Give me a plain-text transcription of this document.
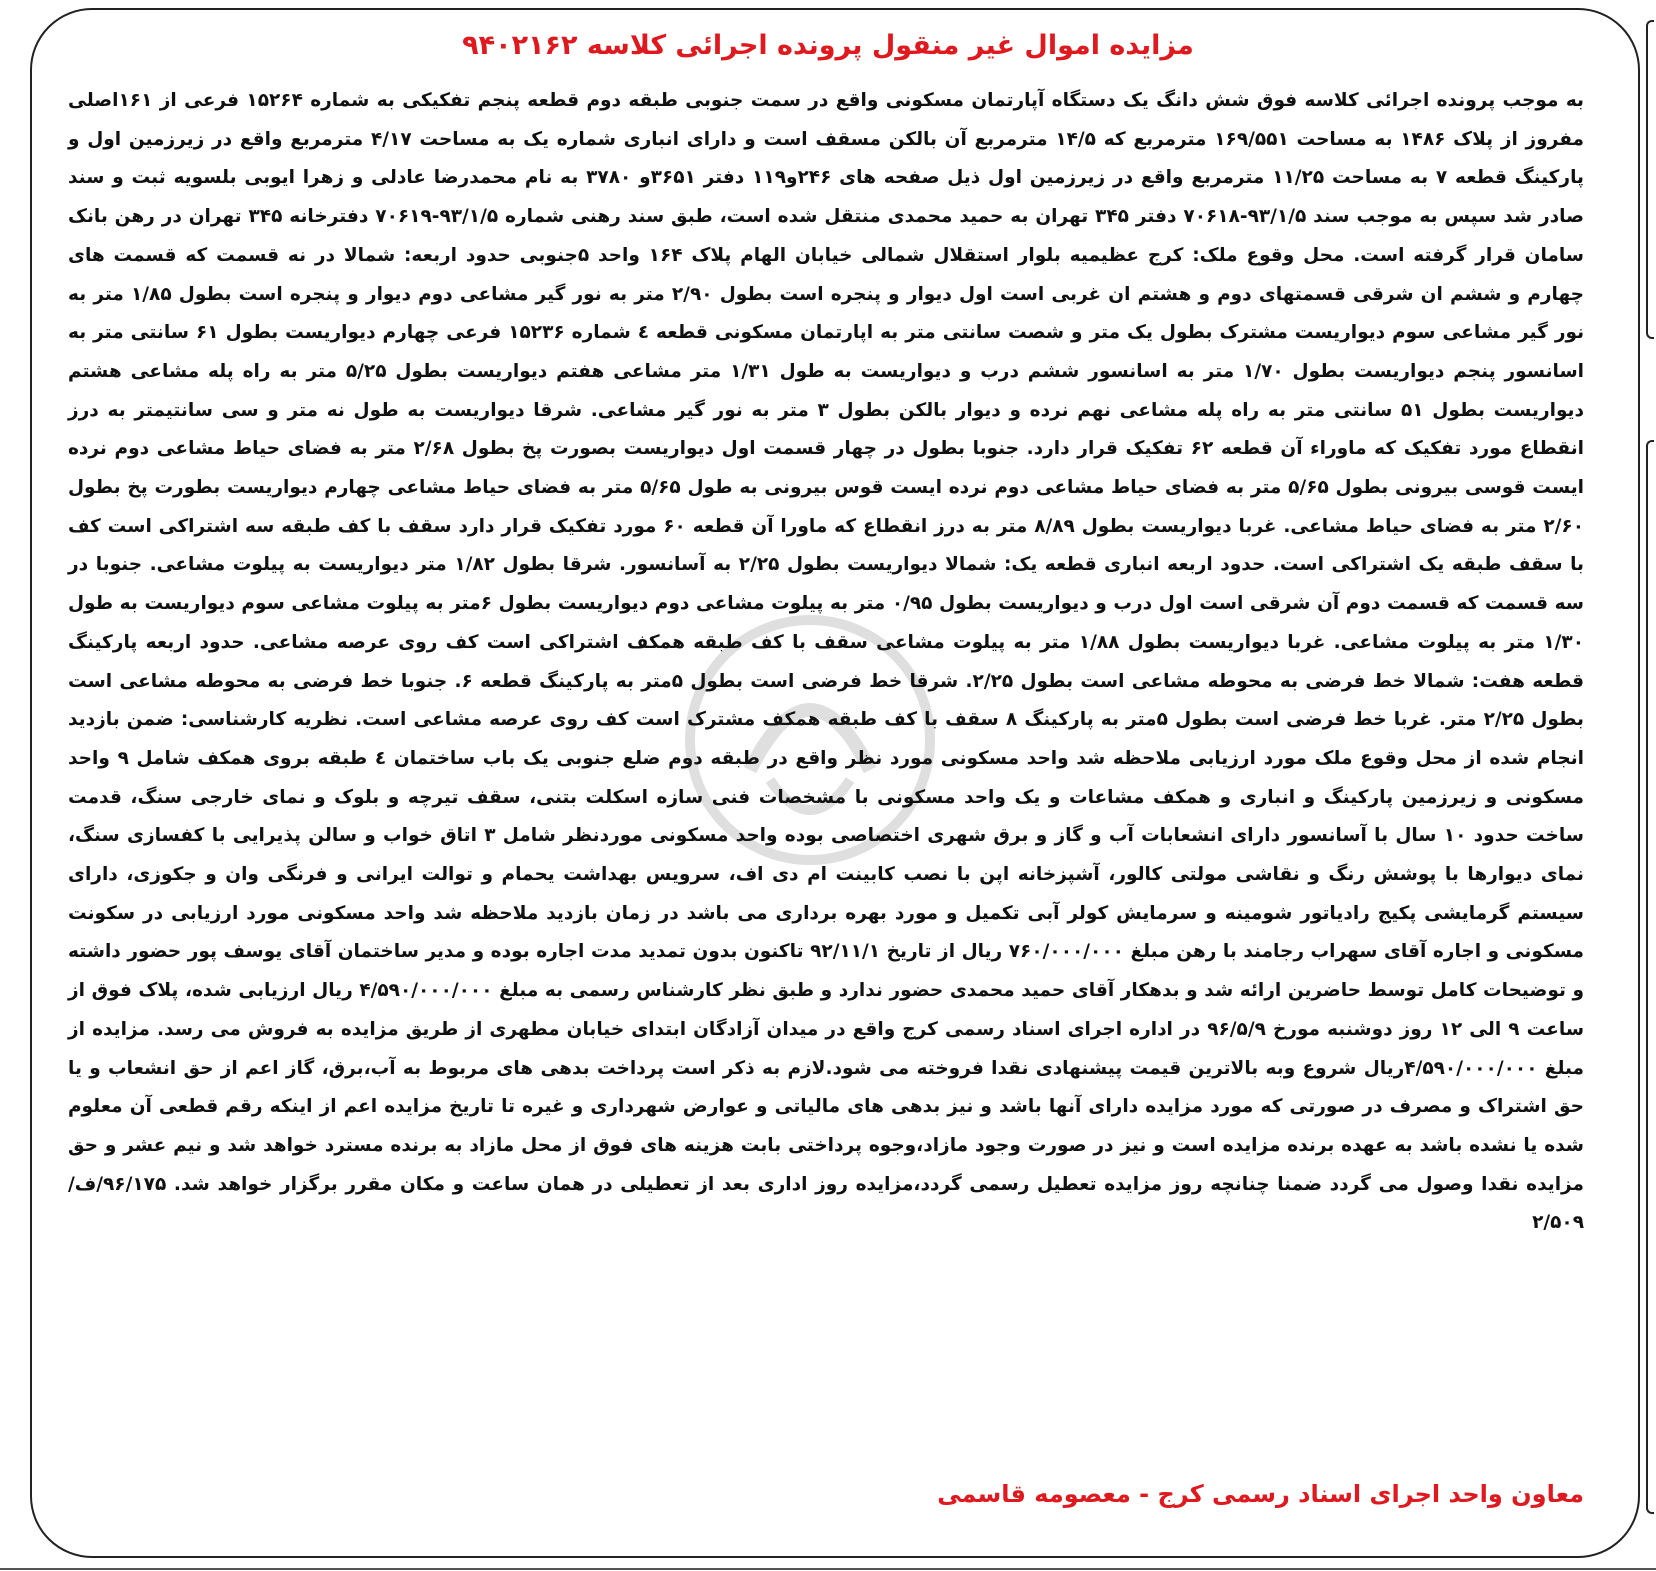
مزایده اموال غیر منقول پرونده اجرائی کلاسه ۹۴۰۲۱۶۲

به موجب پرونده اجرائی کلاسه فوق شش دانگ یک دستگاه آپارتمان مسکونی واقع در سمت جنوبی طبقه دوم قطعه پنجم تفکیکی به شماره ۱۵۲۶۴ فرعی از ۱۶۱اصلی مفروز از پلاک ۱۴۸۶ به مساحت ۱۶۹/۵۵۱ مترمربع که ۱۴/۵ مترمربع آن بالکن مسقف است و دارای انباری شماره یک به مساحت ۴/۱۷ مترمربع واقع در زیرزمین اول و پارکینگ قطعه ۷ به مساحت ۱۱/۲۵ مترمربع واقع در زیرزمین اول ذیل صفحه های ۲۴۶و۱۱۹ دفتر ۳۶۵۱و ۳۷۸۰ به نام محمدرضا عادلی و زهرا ایوبی بلسویه ثبت و سند صادر شد سپس به موجب سند ۹۳/۱/۵-۷۰۶۱۸ دفتر ۳۴۵ تهران به حمید محمدی منتقل شده است، طبق سند رهنی شماره ۹۳/۱/۵-۷۰۶۱۹ دفترخانه ۳۴۵ تهران در رهن بانک سامان قرار گرفته است. محل وقوع ملک: کرج عظیمیه بلوار استقلال شمالی خیابان الهام پلاک ۱۶۴ واحد ۵جنوبی حدود اربعه: شمالا در نه قسمت که قسمت های چهارم و ششم ان شرقی قسمتهای دوم و هشتم ان غربی است اول دیوار و پنجره است بطول ۲/۹۰ متر به نور گیر مشاعی دوم دیوار و پنجره است بطول ۱/۸۵ متر به نور گیر مشاعی سوم دیواریست مشترک بطول یک متر و شصت سانتی متر به اپارتمان مسکونی قطعه ٤ شماره ۱۵۲۳۶ فرعی چهارم دیواریست بطول ۶۱ سانتی متر به اسانسور پنجم دیواریست بطول ۱/۷۰ متر به اسانسور ششم درب و دیواریست به طول ۱/۳۱ متر مشاعی هفتم دیواریست بطول ۵/۲۵ متر به راه پله مشاعی هشتم دیواریست بطول ۵۱ سانتی متر به راه پله مشاعی نهم نرده و دیوار بالکن بطول ۳ متر به نور گیر مشاعی. شرقا دیواریست به طول نه متر و سی سانتیمتر به درز انقطاع مورد تفکیک که ماوراء آن قطعه ۶۲ تفکیک قرار دارد. جنوبا بطول در چهار قسمت اول دیواریست بصورت پخ بطول ۲/۶۸ متر به فضای حیاط مشاعی دوم نرده ایست قوسی بیرونی بطول ۵/۶۵ متر به فضای حیاط مشاعی دوم نرده ایست قوس بیرونی به طول ۵/۶۵ متر به فضای حیاط مشاعی چهارم دیواریست بطورت پخ بطول ۲/۶۰ متر به فضای حیاط مشاعی. غربا دیواریست بطول ۸/۸۹ متر به درز انقطاع که ماورا آن قطعه ۶۰ مورد تفکیک قرار دارد سقف با کف طبقه سه اشتراکی است کف با سقف طبقه یک اشتراکی است. حدود اربعه انباری قطعه یک: شمالا دیواریست بطول ۲/۲۵ به آسانسور. شرقا بطول ۱/۸۲ متر دیواریست به پیلوت مشاعی. جنوبا در سه قسمت که قسمت دوم آن شرقی است اول درب و دیواریست بطول ۰/۹۵ متر به پیلوت مشاعی دوم دیواریست بطول ۶متر به پیلوت مشاعی سوم دیواریست به طول ۱/۳۰ متر به پیلوت مشاعی. غربا دیواریست بطول ۱/۸۸ متر به پیلوت مشاعی سقف با کف طبقه همکف اشتراکی است کف روی عرصه مشاعی. حدود اربعه پارکینگ قطعه هفت: شمالا خط فرضی به محوطه مشاعی است بطول ۲/۲۵. شرقا خط فرضی است بطول ۵متر به پارکینگ قطعه ۶. جنوبا خط فرضی به محوطه مشاعی است بطول ۲/۲۵ متر. غربا خط فرضی است بطول ۵متر به پارکینگ ۸ سقف با کف طبقه همکف مشترک است کف روی عرصه مشاعی است. نظریه کارشناسی: ضمن بازدید انجام شده از محل وقوع ملک مورد ارزیابی ملاحظه شد واحد مسکونی مورد نظر واقع در طبقه دوم ضلع جنوبی یک باب ساختمان ٤ طبقه بروی همکف شامل ۹ واحد مسکونی و زیرزمین پارکینگ و انباری و همکف مشاعات و یک واحد مسکونی با مشخصات فنی سازه اسکلت بتنی، سقف تیرچه و بلوک و نمای خارجی سنگ، قدمت ساخت حدود ۱۰ سال با آسانسور دارای انشعابات آب و گاز و برق شهری اختصاصی بوده واحد مسکونی موردنظر شامل ۳ اتاق خواب و سالن پذیرایی با کفسازی سنگ، نمای دیوارها با پوشش رنگ و نقاشی مولتی کالور، آشپزخانه اپن با نصب کابینت ام دی اف، سرویس بهداشت یحمام و توالت ایرانی و فرنگی وان و جکوزی، دارای سیستم گرمایشی پکیج رادیاتور شومینه و سرمایش کولر آبی تکمیل و مورد بهره برداری می باشد در زمان بازدید ملاحظه شد واحد مسکونی مورد ارزیابی در سکونت مسکونی و اجاره آقای سهراب رجامند با رهن مبلغ ۷۶۰/۰۰۰/۰۰۰ ریال از تاریخ ۹۲/۱۱/۱ تاکنون بدون تمدید مدت اجاره بوده و مدیر ساختمان آقای یوسف پور حضور داشته و توضیحات کامل توسط حاضرین ارائه شد و بدهکار آقای حمید محمدی حضور ندارد و طبق نظر کارشناس رسمی به مبلغ ۴/۵۹۰/۰۰۰/۰۰۰ ریال ارزیابی شده، پلاک فوق از ساعت ۹ الی ۱۲ روز دوشنبه مورخ ۹۶/۵/۹ در اداره اجرای اسناد رسمی کرج واقع در میدان آزادگان ابتدای خیابان مطهری از طریق مزایده به فروش می رسد. مزایده از مبلغ ۴/۵۹۰/۰۰۰/۰۰۰ریال شروع وبه بالاترین قیمت پیشنهادی نقدا فروخته می شود.لازم به ذکر است پرداخت بدهی های مربوط به آب،برق، گاز اعم از حق انشعاب و یا حق اشتراک و مصرف در صورتی که مورد مزایده دارای آنها باشد و نیز بدهی های مالیاتی و عوارض شهرداری و غیره تا تاریخ مزایده اعم از اینکه رقم قطعی آن معلوم شده یا نشده باشد به عهده برنده مزایده است و نیز در صورت وجود مازاد،وجوه پرداختی بابت هزینه های فوق از محل مازاد به برنده مسترد خواهد شد و نیم عشر و حق مزایده نقدا وصول می گردد ضمنا چنانچه روز مزایده تعطیل رسمی گردد،مزایده روز اداری بعد از تعطیلی در همان ساعت و مکان مقرر برگزار خواهد شد. ۹۶/۱۷۵/ف/۲/۵۰۹

معاون واحد اجرای اسناد رسمی کرج - معصومه قاسمی
